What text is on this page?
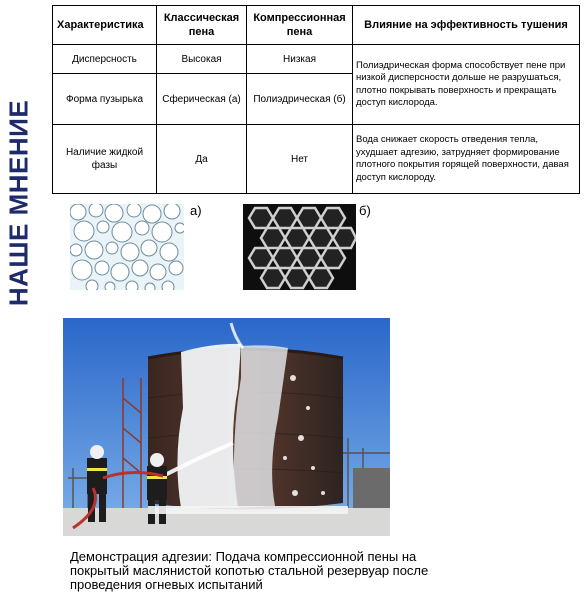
НАШЕ МНЕНИЕ
Характеристика	Классическая пена	Компрессионная пена	Влияние на эффективность тушения
Дисперсность	Высокая	Низкая	Полиэдрическая форма способствует пене при низкой дисперсности дольше не разрушаться, плотно покрывать поверхность и прекращать доступ кислорода.
Форма пузырька	Сферическая (а)	Полиэдрическая (б)	
Наличие жидкой фазы	Да	Нет	Вода снижает скорость отведения тепла, ухудшает адгезию, затрудняет формирование плотного покрытия горящей поверхности, давая доступ кислороду.
а)	б)
Демонстрация адгезии: Подача компрессионной пены на покрытый маслянистой копотью стальной резервуар после проведения огневых испытаний
